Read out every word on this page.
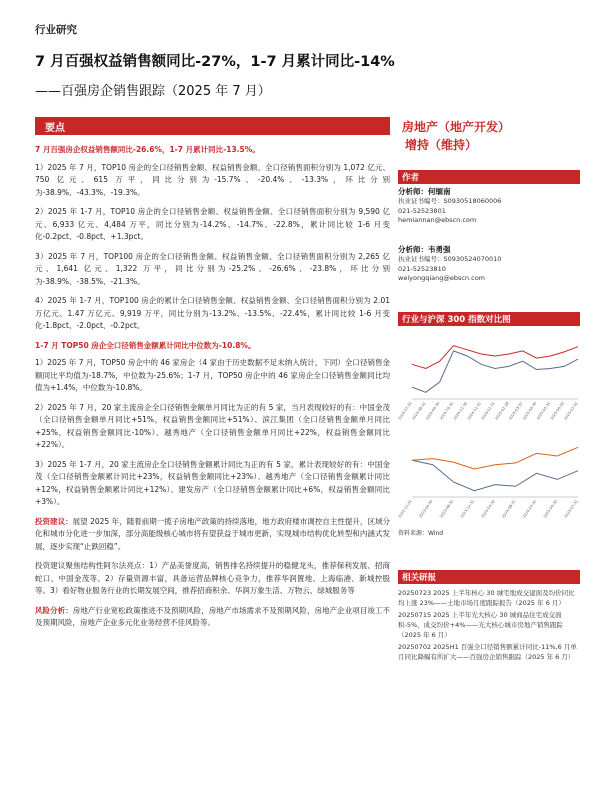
行业研究
7 月百强权益销售额同比-27%，1-7 月累计同比-14%
——百强房企销售跟踪（2025 年 7 月）
要点

7 月百强房企权益销售额同比-26.6%，1-7 月累计同比-13.5%。

1）2025 年 7 月，TOP10 房企的全口径销售金额、权益销售金额、全口径销售面积分别为 1,072 亿元、750 亿元、615 万平，同比分别为-15.7%、-20.4%、-13.3%，环比分别为-38.9%、-43.3%、-19.3%。

2）2025 年 1-7 月，TOP10 房企的全口径销售金额、权益销售金额、全口径销售面积分别为 9,590 亿元、6,933 亿元、4,484 万平，同比分别为-14.2%、-14.7%、-22.8%，累计同比较 1-6 月变化-0.2pct、-0.8pct、+1.3pct。

3）2025 年 7 月，TOP100 房企的全口径销售金额、权益销售金额、全口径销售面积分别为 2,265 亿元、1,641 亿元、1,322 万平，同比分别为-25.2%、-26.6%、-23.8%，环比分别为-38.9%、-38.5%、-21.3%。

4）2025 年 1-7 月，TOP100 房企的累计全口径销售金额、权益销售金额、全口径销售面积分别为 2.01 万亿元、1.47 万亿元、9,919 万平，同比分别为-13.2%、-13.5%、-22.4%，累计同比较 1-6 月变化-1.8pct、-2.0pct、-0.2pct。

1-7 月 TOP50 房企全口径销售金额累计同比中位数为-10.8%。

1）2025 年 7 月，TOP50 房企中的 46 家房企（4 家由于历史数据不足未纳入统计，下同）全口径销售金额同比平均值为-18.7%，中位数为-25.6%；1-7 月，TOP50 房企中的 46 家房企全口径销售金额同比均值为+1.4%，中位数为-10.8%。

2）2025 年 7 月，20 家主流房企全口径销售金额单月同比为正的有 5 家，当月表现较好的有：中国金茂（全口径销售金额单月同比+51%，权益销售金额同比+51%）、滨江集团（全口径销售金额单月同比+25%，权益销售金额同比-10%）、越秀地产（全口径销售金额单月同比+22%，权益销售金额同比+22%）。

3）2025 年 1-7 月，20 家主流房企全口径销售金额累计同比为正的有 5 家，累计表现较好的有：中国金茂（全口径销售金额累计同比+23%，权益销售金额同比+23%）、越秀地产（全口径销售金额累计同比+12%，权益销售金额累计同比+12%）、建发房产（全口径销售金额累计同比+6%，权益销售金额同比+3%）。

投资建议：展望 2025 年，随着前期一揽子房地产政策的持续落地，地方政府楼市调控自主性提升，区域分化和城市分化进一步加深，部分高能级核心城市将有望获益于城市更新，实现城市结构优化转型和内涵式发展，逐步实现“止跌回稳”。

投资建议聚焦结构性阿尔法亮点：1）产品美誉度高，销售排名持续提升的稳健龙头，推荐保利发展、招商蛇口、中国金茂等。2）存量资源丰富，具备运营品牌核心竞争力，推荐华润置地、上海临港、新城控股等。3）看好物业服务行业的长期发展空间，推荐招商积余、华润万象生活、万物云、绿城服务等

风险分析：房地产行业宽松政策推进不及预期风险，房地产市场需求不及预期风险，房地产企业项目竣工不及预期风险，房地产企业多元化业务经营不佳风险等。

房地产（地产开发）
增持（维持）
作者
分析师：何缅南
执业证书编号：S0930518060006
021-52523801
hemiannan@ebscn.com
分析师：韦勇强
执业证书编号：S0930524070010
021-52523810
weiyongqiang@ebscn.com
行业与沪深 300 指数对比图
2024-07-31
2024-08-31
2024-09-30
2024-10-31
2024-11-30
2024-12-31
2025-01-31
2025-02-28
2025-03-31
2025-04-30
2025-05-31
2025-06-30
2025-07-31
2022-12-31 2023-04-30 2023-08-31 2023-12-31 2024-04-30 2024-08-31 2024-12-31 2025-04-30 2025-07-31
资料来源：Wind
相关研报

20250723 2025 上半年核心 30 城宅地成交建面及均价同比均上涨 23%——土地市场月度跟踪报告（2025 年 6 月）

20250715 2025 上半年光大核心 30 城商品住宅成交面积-5%，成交均价+4%——光大核心城市房地产销售跟踪（2025 年 6 月）

20250702 2025H1 百强全口径销售额累计同比-11%,6 月单月同比降幅有所扩大——百强房企销售跟踪（2025 年 6 月）
